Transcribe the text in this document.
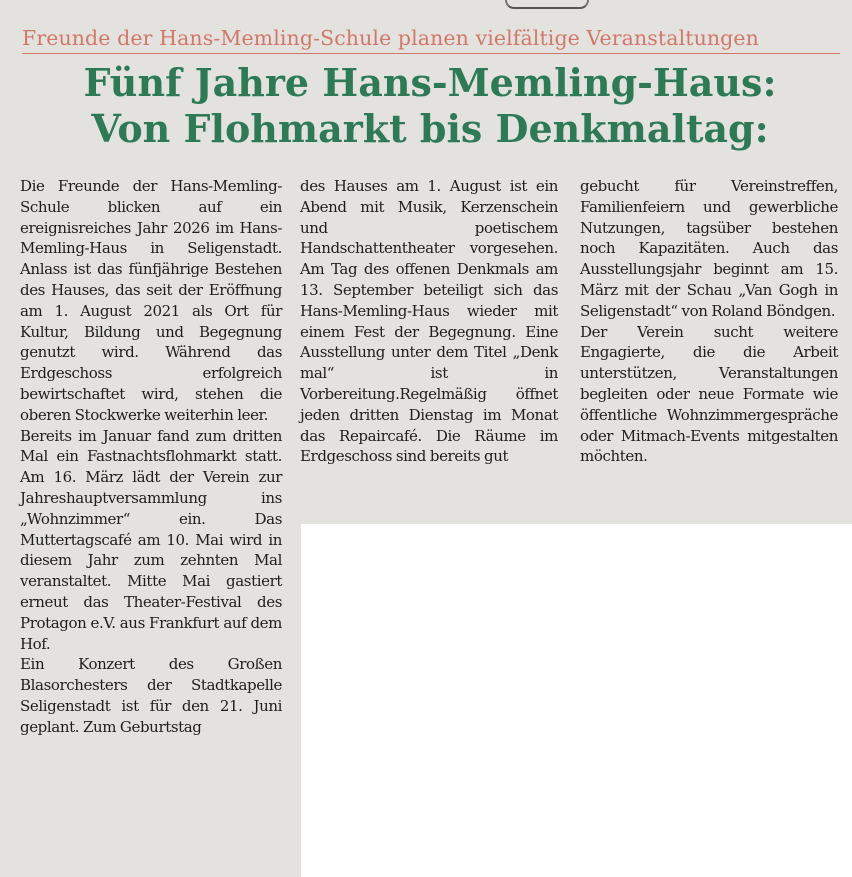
Freunde der Hans-Memling-Schule planen vielfältige Veranstaltungen
Fünf Jahre Hans-Memling-Haus:
Von Flohmarkt bis Denkmaltag:

Die Freunde der Hans-Memling-Schule blicken auf ein ereignisreiches Jahr 2026 im Hans-Memling-Haus in Seligenstadt. Anlass ist das fünfjährige Bestehen des Hauses, das seit der Eröffnung am 1. August 2021 als Ort für Kultur, Bildung und Begegnung genutzt wird. Während das Erdgeschoss erfolgreich bewirtschaftet wird, stehen die oberen Stockwerke weiterhin leer.

Bereits im Januar fand zum dritten Mal ein Fastnachtsflohmarkt statt. Am 16. März lädt der Verein zur Jahreshauptversammlung ins „Wohnzimmer“ ein. Das Muttertagscafé am 10. Mai wird in diesem Jahr zum zehnten Mal veranstaltet. Mitte Mai gastiert erneut das Theater-Festival des Protagon e.V. aus Frankfurt auf dem Hof.

Ein Konzert des Großen Blasorchesters der Stadtkapelle Seligenstadt ist für den 21. Juni geplant. Zum Geburtstag

des Hauses am 1. August ist ein Abend mit Musik, Kerzenschein und poetischem Handschattentheater vorgesehen. Am Tag des offenen Denkmals am 13. September beteiligt sich das Hans-Memling-Haus wieder mit einem Fest der Begegnung. Eine Ausstellung unter dem Titel „Denk mal“ ist in Vorbereitung.Regelmäßig öffnet jeden dritten Dienstag im Monat das Repaircafé. Die Räume im Erdgeschoss sind bereits gut

gebucht für Vereinstreffen, Familienfeiern und gewerbliche Nutzungen, tagsüber bestehen noch Kapazitäten. Auch das Ausstellungsjahr beginnt am 15. März mit der Schau „Van Gogh in Seligenstadt“ von Roland Böndgen.

Der Verein sucht weitere Engagierte, die die Arbeit unterstützen, Veranstaltungen begleiten oder neue Formate wie öffentliche Wohnzimmergespräche oder Mitmach-Events mitgestalten möchten.
